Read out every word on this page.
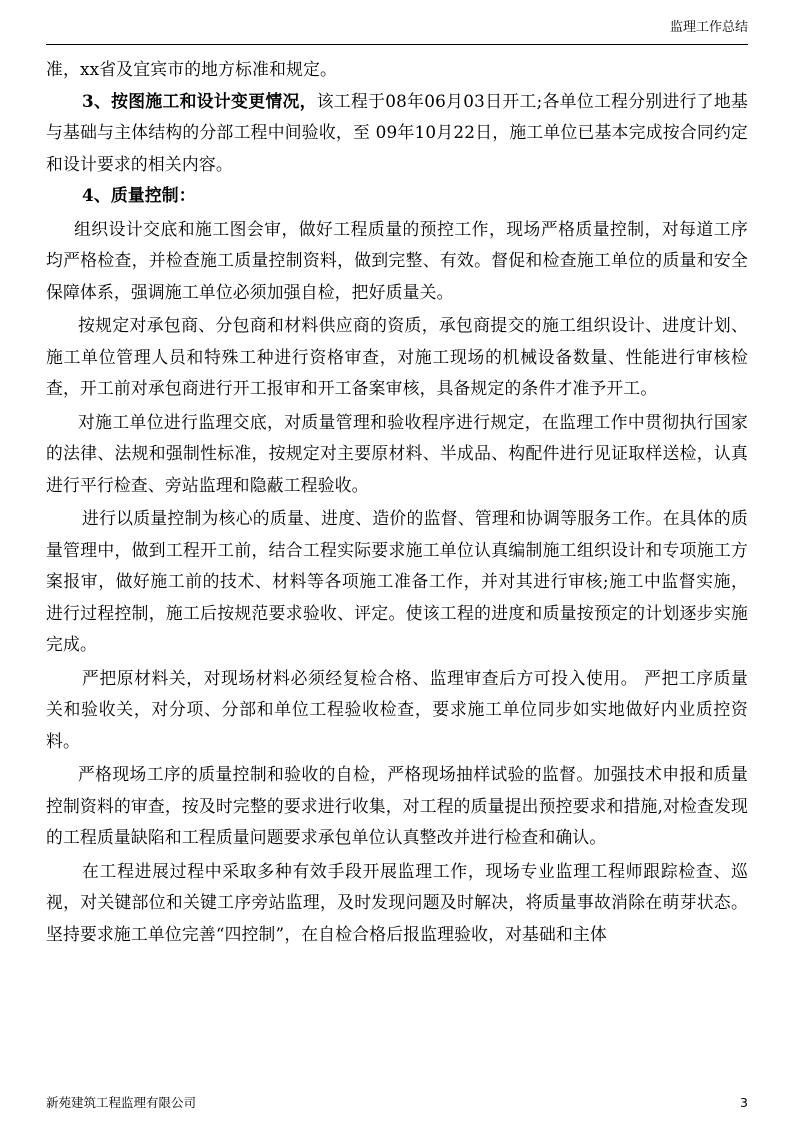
监理工作总结

准，xx省及宜宾市的地方标准和规定。

3、按图施工和设计变更情况，该工程于08年06月03日开工;各单位工程分别进行了地基与基础与主体结构的分部工程中间验收，至 09年10月22日，施工单位已基本完成按合同约定和设计要求的相关内容。

4、质量控制：

组织设计交底和施工图会审，做好工程质量的预控工作，现场严格质量控制，对每道工序均严格检查，并检查施工质量控制资料，做到完整、有效。督促和检查施工单位的质量和安全保障体系，强调施工单位必须加强自检，把好质量关。

按规定对承包商、分包商和材料供应商的资质，承包商提交的施工组织设计、进度计划、施工单位管理人员和特殊工种进行资格审查，对施工现场的机械设备数量、性能进行审核检查，开工前对承包商进行开工报审和开工备案审核，具备规定的条件才准予开工。

对施工单位进行监理交底，对质量管理和验收程序进行规定，在监理工作中贯彻执行国家的法律、法规和强制性标准，按规定对主要原材料、半成品、构配件进行见证取样送检，认真进行平行检查、旁站监理和隐蔽工程验收。

进行以质量控制为核心的质量、进度、造价的监督、管理和协调等服务工作。在具体的质量管理中，做到工程开工前，结合工程实际要求施工单位认真编制施工组织设计和专项施工方案报审，做好施工前的技术、材料等各项施工准备工作，并对其进行审核;施工中监督实施，进行过程控制，施工后按规范要求验收、评定。使该工程的进度和质量按预定的计划逐步实施完成。

严把原材料关，对现场材料必须经复检合格、监理审查后方可投入使用。 严把工序质量关和验收关，对分项、分部和单位工程验收检查，要求施工单位同步如实地做好内业质控资料。

严格现场工序的质量控制和验收的自检，严格现场抽样试验的监督。加强技术申报和质量控制资料的审查，按及时完整的要求进行收集，对工程的质量提出预控要求和措施,对检查发现的工程质量缺陷和工程质量问题要求承包单位认真整改并进行检查和确认。

在工程进展过程中采取多种有效手段开展监理工作，现场专业监理工程师跟踪检查、巡视，对关键部位和关键工序旁站监理，及时发现问题及时解决，将质量事故消除在萌芽状态。坚持要求施工单位完善“四控制”，在自检合格后报监理验收，对基础和主体

新苑建筑工程监理有限公司	3
